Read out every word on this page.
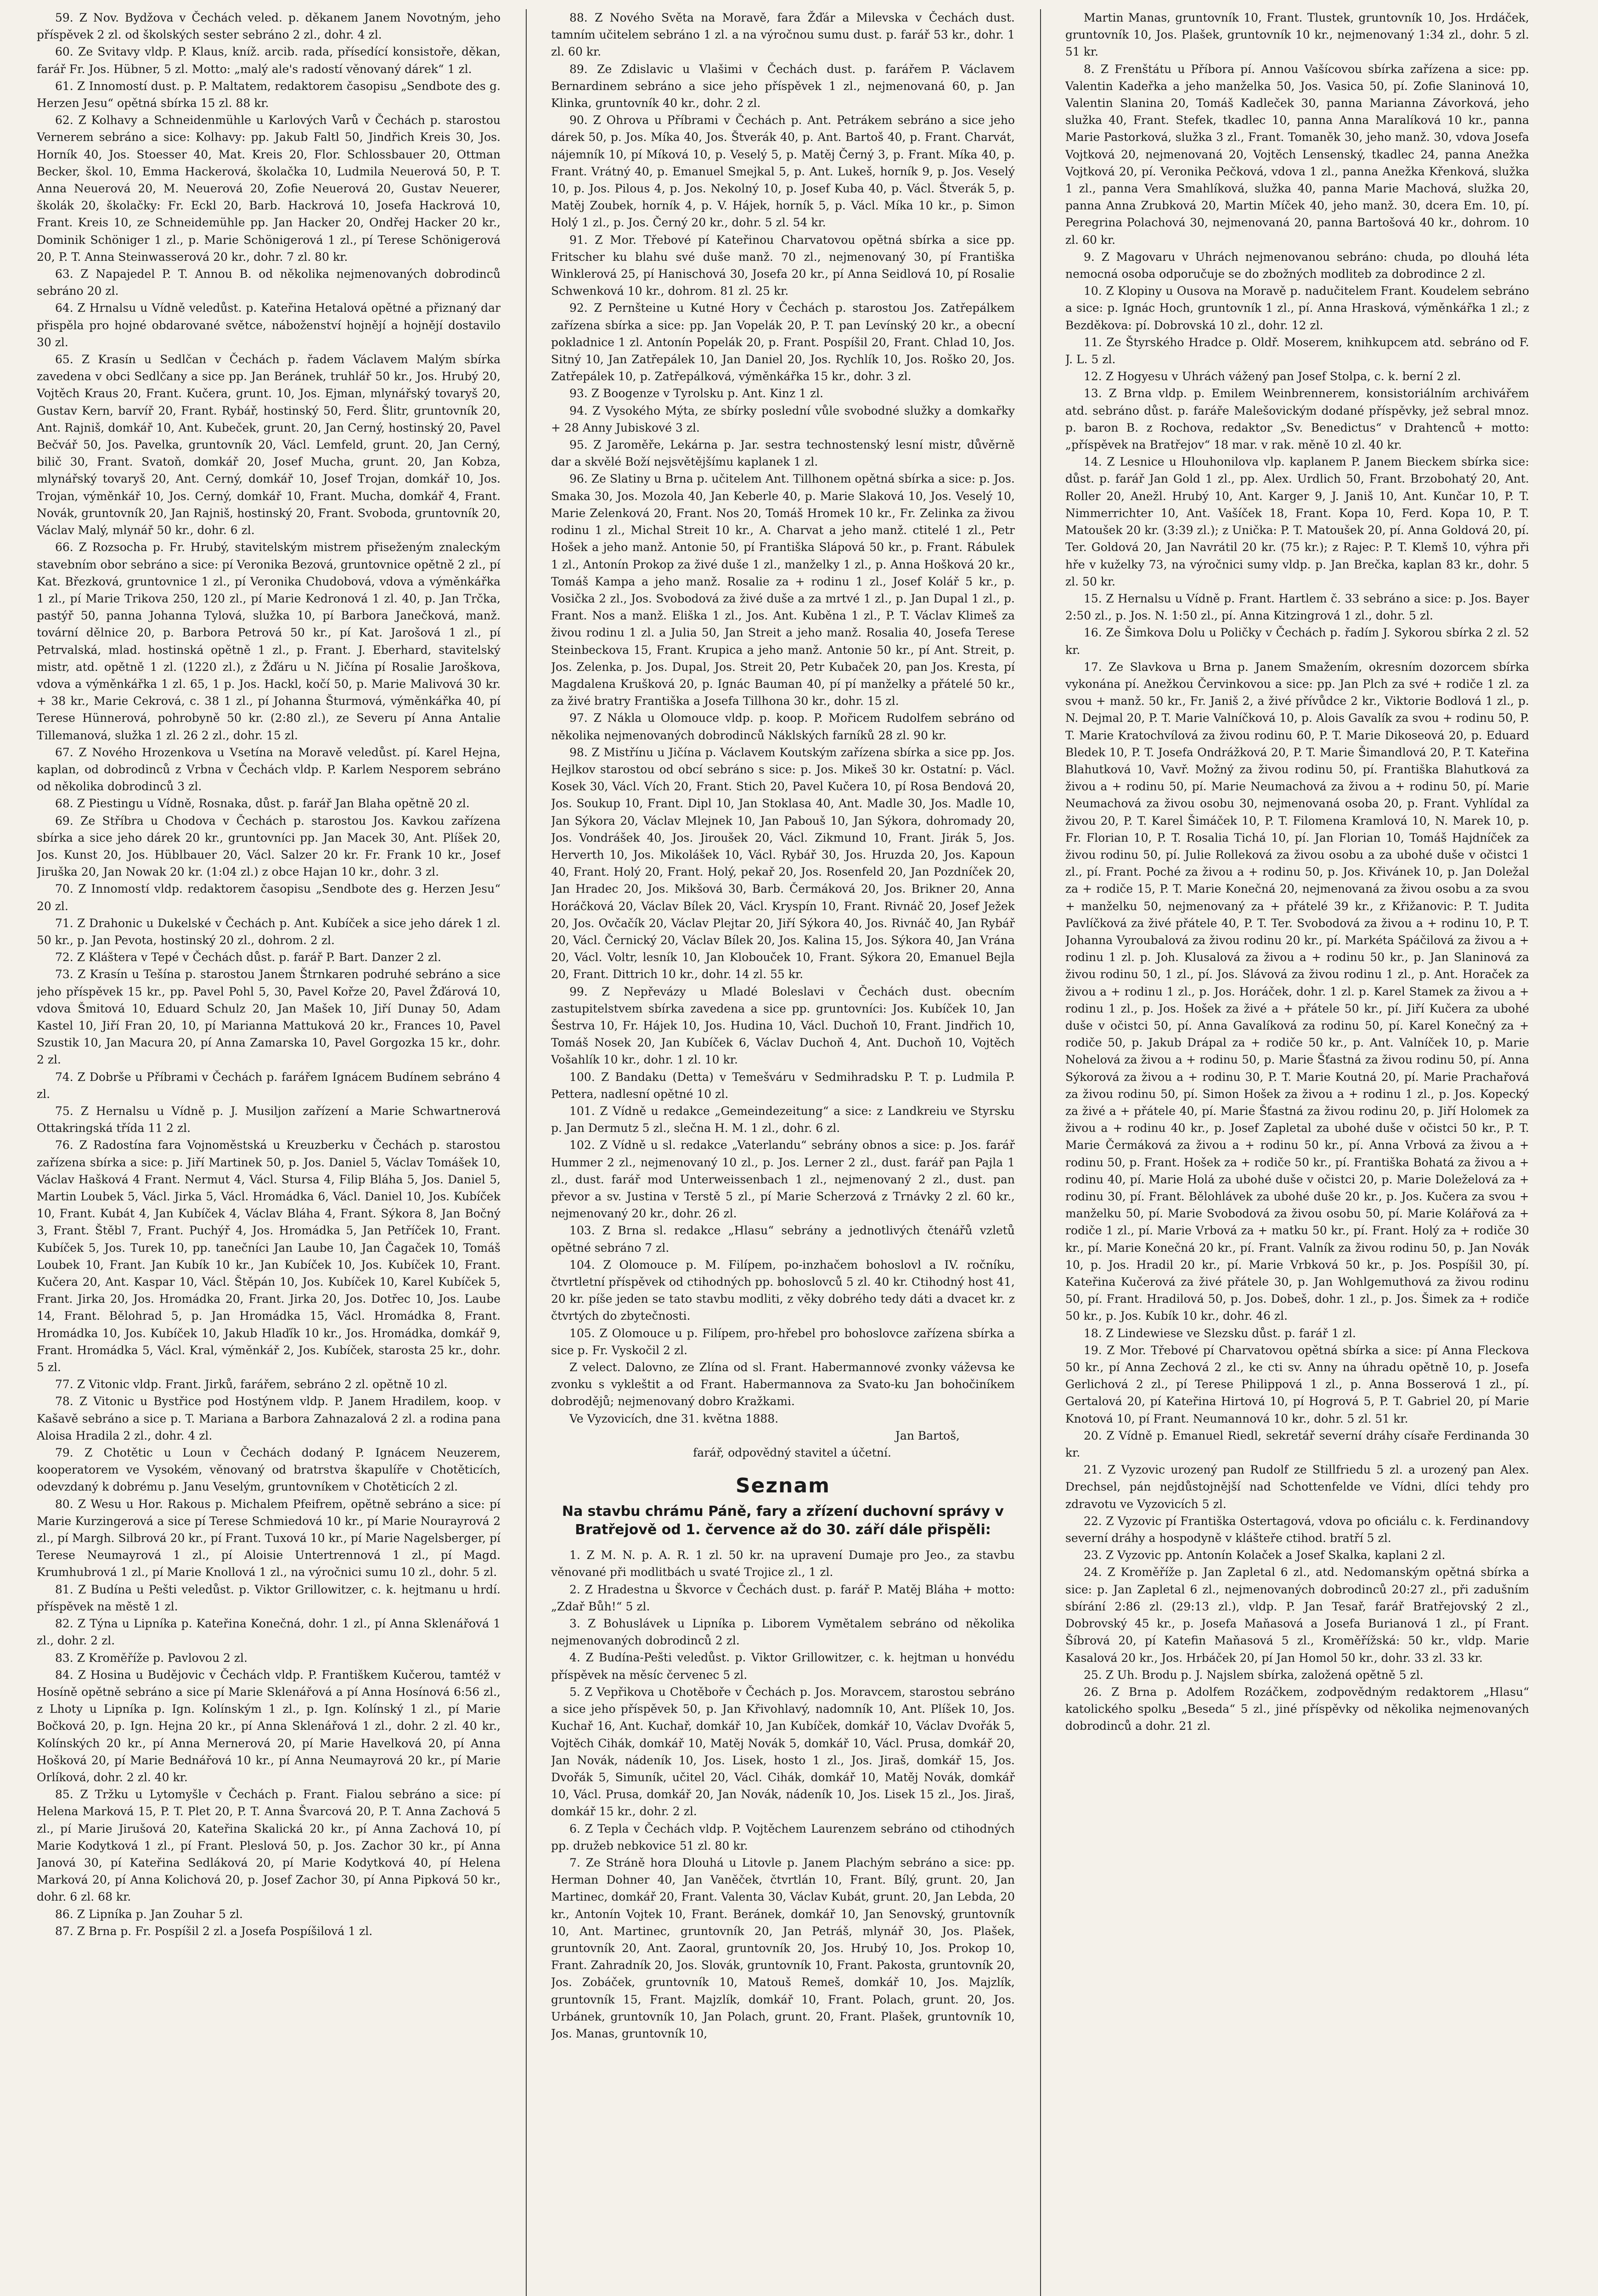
59. Z Nov. Bydžova v Čechách veled. p. děkanem Janem Novotným, jeho příspěvek 2 zl. od školských sester sebráno 2 zl., dohr. 4 zl.

60. Ze Svitavy vldp. P. Klaus, kníž. arcib. rada, přísedící konsistoře, děkan, farář Fr. Jos. Hübner, 5 zl. Motto: „malý ale's radostí věnovaný dárek“ 1 zl.

61. Z Innomostí dust. p. P. Maltatem, redaktorem časopisu „Sendbote des g. Herzen Jesu“ opětná sbírka 15 zl. 88 kr.

62. Z Kolhavy a Schneidenmühle u Karlových Varů v Čechách p. starostou Vernerem sebráno a sice: Kolhavy: pp. Jakub Faltl 50, Jindřich Kreis 30, Jos. Horník 40, Jos. Stoesser 40, Mat. Kreis 20, Flor. Schlossbauer 20, Ottman Becker, škol. 10, Emma Hackerová, školačka 10, Ludmila Neuerová 50, P. T. Anna Neuerová 20, M. Neuerová 20, Zofie Neuerová 20, Gustav Neuerer, školák 20, školačky: Fr. Eckl 20, Barb. Hackrová 10, Josefa Hackrová 10, Frant. Kreis 10, ze Schneidemühle pp. Jan Hacker 20, Ondřej Hacker 20 kr., Dominik Schöniger 1 zl., p. Marie Schönigerová 1 zl., pí Terese Schönigerová 20, P. T. Anna Steinwasserová 20 kr., dohr. 7 zl. 80 kr.

63. Z Napajedel P. T. Annou B. od několika nejmenovaných dobrodinců sebráno 20 zl.

64. Z Hrnalsu u Vídně veledůst. p. Kateřina Hetalová opětné a přiznaný dar přispěla pro hojné obdarované světce, náboženství hojnějí a hojnějí dostavilo 30 zl.

65. Z Krasín u Sedlčan v Čechách p. řadem Václavem Malým sbírka zavedena v obci Sedlčany a sice pp. Jan Beránek, truhlář 50 kr., Jos. Hrubý 20, Vojtěch Kraus 20, Frant. Kučera, grunt. 10, Jos. Ejman, mlynářský tovaryš 20, Gustav Kern, barvíř 20, Frant. Rybář, hostinský 50, Ferd. Šlitr, gruntovník 20, Ant. Rajniš, domkář 10, Ant. Kubeček, grunt. 20, Jan Cerný, hostinský 20, Pavel Bečvář 50, Jos. Pavelka, gruntovník 20, Václ. Lemfeld, grunt. 20, Jan Cerný, bilič 30, Frant. Svatoň, domkář 20, Josef Mucha, grunt. 20, Jan Kobza, mlynářský tovaryš 20, Ant. Cerný, domkář 10, Josef Trojan, domkář 10, Jos. Trojan, výměnkář 10, Jos. Cerný, domkář 10, Frant. Mucha, domkář 4, Frant. Novák, gruntovník 20, Jan Rajniš, hostinský 20, Frant. Svoboda, gruntovník 20, Václav Malý, mlynář 50 kr., dohr. 6 zl.

66. Z Rozsocha p. Fr. Hrubý, stavitelským mistrem přiseženým znaleckým stavebním obor sebráno a sice: pí Veronika Bezová, gruntovnice opětně 2 zl., pí Kat. Březková, gruntovnice 1 zl., pí Veronika Chudobová, vdova a výměnkářka 1 zl., pí Marie Trikova 250, 120 zl., pí Marie Kedronová 1 zl. 40, p. Jan Trčka, pastýř 50, panna Johanna Tylová, služka 10, pí Barbora Janečková, manž. tovární dělnice 20, p. Barbora Petrová 50 kr., pí Kat. Jarošová 1 zl., pí Petrvalská, mlad. hostinská opětně 1 zl., p. Frant. J. Eberhard, stavitelský mistr, atd. opětně 1 zl. (1220 zl.), z Žďáru u N. Jičína pí Rosalie Jaroškova, vdova a výměnkářka 1 zl. 65, 1 p. Jos. Hackl, kočí 50, p. Marie Malivová 30 kr. + 38 kr., Marie Cekrová, c. 38 1 zl., pí Johanna Šturmová, výměnkářka 40, pí Terese Hünnerová, pohrobyně 50 kr. (2:80 zl.), ze Severu pí Anna Antalie Tillemanová, služka 1 zl. 26 2 zl., dohr. 15 zl.

67. Z Nového Hrozenkova u Vsetína na Moravě veledůst. pí. Karel Hejna, kaplan, od dobrodinců z Vrbna v Čechách vldp. P. Karlem Nesporem sebráno od několika dobrodinců 3 zl.

68. Z Piestingu u Vídně, Rosnaka, důst. p. farář Jan Blaha opětně 20 zl.

69. Ze Stříbra u Chodova v Čechách p. starostou Jos. Kavkou zařízena sbírka a sice jeho dárek 20 kr., gruntovníci pp. Jan Macek 30, Ant. Plíšek 20, Jos. Kunst 20, Jos. Hüblbauer 20, Václ. Salzer 20 kr. Fr. Frank 10 kr., Josef Jiruška 20, Jan Nowak 20 kr. (1:04 zl.) z obce Hajan 10 kr., dohr. 3 zl.

70. Z Innomostí vldp. redaktorem časopisu „Sendbote des g. Herzen Jesu“ 20 zl.

71. Z Drahonic u Dukelské v Čechách p. Ant. Kubíček a sice jeho dárek 1 zl. 50 kr., p. Jan Pevota, hostinský 20 zl., dohrom. 2 zl.

72. Z Kláštera v Tepé v Čechách důst. p. farář P. Bart. Danzer 2 zl.

73. Z Krasín u Tešína p. starostou Janem Štrnkaren podruhé sebráno a sice jeho příspěvek 15 kr., pp. Pavel Pohl 5, 30, Pavel Kořze 20, Pavel Žďárová 10, vdova Šmitová 10, Eduard Schulz 20, Jan Mašek 10, Jiří Dunay 50, Adam Kastel 10, Jiří Fran 20, 10, pí Marianna Mattuková 20 kr., Frances 10, Pavel Szustik 10, Jan Macura 20, pí Anna Zamarska 10, Pavel Gorgozka 15 kr., dohr. 2 zl.

74. Z Dobrše u Příbrami v Čechách p. farářem Ignácem Budínem sebráno 4 zl.

75. Z Hernalsu u Vídně p. J. Musiljon zařízení a Marie Schwartnerová Ottakringská třída 11 2 zl.

76. Z Radostína fara Vojnoměstská u Kreuzberku v Čechách p. starostou zařízena sbírka a sice: p. Jiří Martinek 50, p. Jos. Daniel 5, Václav Tomášek 10, Václav Hašková 4 Frant. Nermut 4, Václ. Stursa 4, Filip Bláha 5, Jos. Daniel 5, Martin Loubek 5, Václ. Jirka 5, Václ. Hromádka 6, Václ. Daniel 10, Jos. Kubíček 10, Frant. Kubát 4, Jan Kubíček 4, Václav Bláha 4, Frant. Sýkora 8, Jan Bočný 3, Frant. Štěbl 7, Frant. Puchýř 4, Jos. Hromádka 5, Jan Petříček 10, Frant. Kubíček 5, Jos. Turek 10, pp. tanečníci Jan Laube 10, Jan Čagaček 10, Tomáš Loubek 10, Frant. Jan Kubík 10 kr., Jan Kubíček 10, Jos. Kubíček 10, Frant. Kučera 20, Ant. Kaspar 10, Václ. Štěpán 10, Jos. Kubíček 10, Karel Kubíček 5, Frant. Jirka 20, Jos. Hromádka 20, Frant. Jirka 20, Jos. Dotřec 10, Jos. Laube 14, Frant. Bělohrad 5, p. Jan Hromádka 15, Václ. Hromádka 8, Frant. Hromádka 10, Jos. Kubíček 10, Jakub Hlaďík 10 kr., Jos. Hromádka, domkář 9, Frant. Hromádka 5, Václ. Kral, výměnkář 2, Jos. Kubíček, starosta 25 kr., dohr. 5 zl.

77. Z Vitonic vldp. Frant. Jirků, farářem, sebráno 2 zl. opětně 10 zl.

78. Z Vitonic u Bystřice pod Hostýnem vldp. P. Janem Hradilem, koop. v Kašavě sebráno a sice p. T. Mariana a Barbora Zahnazalová 2 zl. a rodina pana Aloisa Hradila 2 zl., dohr. 4 zl.

79. Z Chotětic u Loun v Čechách dodaný P. Ignácem Neuzerem, kooperatorem ve Vysokém, věnovaný od bratrstva škapulíře v Chotěticích, odevzdaný k dobrému p. Janu Veselým, gruntovníkem v Chotěticích 2 zl.

80. Z Wesu u Hor. Rakous p. Michalem Pfeifrem, opětně sebráno a sice: pí Marie Kurzingerová a sice pí Terese Schmiedová 10 kr., pí Marie Nourayrová 2 zl., pí Margh. Silbrová 20 kr., pí Frant. Tuxová 10 kr., pí Marie Nagelsberger, pí Terese Neumayrová 1 zl., pí Aloisie Untertrennová 1 zl., pí Magd. Krumhubrová 1 zl., pí Marie Knollová 1 zl., na výročnici sumu 10 zl., dohr. 5 zl.

81. Z Budína u Pešti veledůst. p. Viktor Grillowitzer, c. k. hejtmanu u hrdí. příspěvek na městě 1 zl.

82. Z Týna u Lipníka p. Kateřina Konečná, dohr. 1 zl., pí Anna Sklenářová 1 zl., dohr. 2 zl.

83. Z Kroměříže p. Pavlovou 2 zl.

84. Z Hosina u Budějovic v Čechách vldp. P. Františkem Kučerou, tamtéž v Hosíně opětně sebráno a sice pí Marie Sklenářová a pí Anna Hosínová 6:56 zl., z Lhoty u Lipníka p. Ign. Kolínským 1 zl., p. Ign. Kolínský 1 zl., pí Marie Bočková 20, p. Ign. Hejna 20 kr., pí Anna Sklenářová 1 zl., dohr. 2 zl. 40 kr., Kolínských 20 kr., pí Anna Mernerová 20, pí Marie Havelková 20, pí Anna Hošková 20, pí Marie Bednářová 10 kr., pí Anna Neumayrová 20 kr., pí Marie Orlíková, dohr. 2 zl. 40 kr.

85. Z Tržku u Lytomyšle v Čechách p. Frant. Fialou sebráno a sice: pí Helena Marková 15, P. T. Plet 20, P. T. Anna Švarcová 20, P. T. Anna Zachová 5 zl., pí Marie Jirušová 20, Kateřina Skalická 20 kr., pí Anna Zachová 10, pí Marie Kodytková 1 zl., pí Frant. Pleslová 50, p. Jos. Zachor 30 kr., pí Anna Janová 30, pí Kateřina Sedláková 20, pí Marie Kodytková 40, pí Helena Marková 20, pí Anna Kolichová 20, p. Josef Zachor 30, pí Anna Pipková 50 kr., dohr. 6 zl. 68 kr.

86. Z Lipníka p. Jan Zouhar 5 zl.

87. Z Brna p. Fr. Pospíšil 2 zl. a Josefa Pospíšilová 1 zl.

88. Z Nového Světa na Moravě, fara Žďár a Milevska v Čechách dust. tamním učitelem sebráno 1 zl. a na výročnou sumu dust. p. farář 53 kr., dohr. 1 zl. 60 kr.

89. Ze Zdislavic u Vlašimi v Čechách dust. p. farářem P. Václavem Bernardinem sebráno a sice jeho příspěvek 1 zl., nejmenovaná 60, p. Jan Klinka, gruntovník 40 kr., dohr. 2 zl.

90. Z Ohrova u Příbrami v Čechách p. Ant. Petrákem sebráno a sice jeho dárek 50, p. Jos. Míka 40, Jos. Štverák 40, p. Ant. Bartoš 40, p. Frant. Charvát, nájemník 10, pí Míková 10, p. Veselý 5, p. Matěj Černý 3, p. Frant. Míka 40, p. Frant. Vrátný 40, p. Emanuel Smejkal 5, p. Ant. Lukeš, horník 9, p. Jos. Veselý 10, p. Jos. Pilous 4, p. Jos. Nekolný 10, p. Josef Kuba 40, p. Václ. Štverák 5, p. Matěj Zoubek, horník 4, p. V. Hájek, horník 5, p. Václ. Míka 10 kr., p. Simon Holý 1 zl., p. Jos. Černý 20 kr., dohr. 5 zl. 54 kr.

91. Z Mor. Třebové pí Kateřinou Charvatovou opětná sbírka a sice pp. Fritscher ku blahu své duše manž. 70 zl., nejmenovaný 30, pí Františka Winklerová 25, pí Hanischová 30, Josefa 20 kr., pí Anna Seidlová 10, pí Rosalie Schwenková 10 kr., dohrom. 81 zl. 25 kr.

92. Z Pernšteine u Kutné Hory v Čechách p. starostou Jos. Zatřepálkem zařízena sbírka a sice: pp. Jan Vopelák 20, P. T. pan Levínský 20 kr., a obecní pokladnice 1 zl. Antonín Popelák 20, p. Frant. Pospíšil 20, Frant. Chlad 10, Jos. Sitný 10, Jan Zatřepálek 10, Jan Daniel 20, Jos. Rychlík 10, Jos. Roško 20, Jos. Zatřepálek 10, p. Zatřepálková, výměnkářka 15 kr., dohr. 3 zl.

93. Z Boogenze v Tyrolsku p. Ant. Kinz 1 zl.

94. Z Vysokého Mýta, ze sbírky poslední vůle svobodné služky a domkařky + 28 Anny Jubiskové 3 zl.

95. Z Jaroměře, Lekárna p. Jar. sestra technostenský lesní mistr, důvěrně dar a skvělé Boží nejsvětějšímu kaplanek 1 zl.

96. Ze Slatiny u Brna p. učitelem Ant. Tillhonem opětná sbírka a sice: p. Jos. Smaka 30, Jos. Mozola 40, Jan Keberle 40, p. Marie Slaková 10, Jos. Veselý 10, Marie Zelenková 20, Frant. Nos 20, Tomáš Hromek 10 kr., Fr. Zelinka za živou rodinu 1 zl., Michal Streit 10 kr., A. Charvat a jeho manž. ctitelé 1 zl., Petr Hošek a jeho manž. Antonie 50, pí Františka Slápová 50 kr., p. Frant. Rábulek 1 zl., Antonín Prokop za živé duše 1 zl., manželky 1 zl., p. Anna Hošková 20 kr., Tomáš Kampa a jeho manž. Rosalie za + rodinu 1 zl., Josef Kolář 5 kr., p. Vosička 2 zl., Jos. Svobodová za živé duše a za mrtvé 1 zl., p. Jan Dupal 1 zl., p. Frant. Nos a manž. Eliška 1 zl., Jos. Ant. Kuběna 1 zl., P. T. Václav Klimeš za živou rodinu 1 zl. a Julia 50, Jan Streit a jeho manž. Rosalia 40, Josefa Terese Steinbeckova 15, Frant. Krupica a jeho manž. Antonie 50 kr., pí Ant. Streit, p. Jos. Zelenka, p. Jos. Dupal, Jos. Streit 20, Petr Kubaček 20, pan Jos. Kresta, pí Magdalena Krušková 20, p. Ignác Bauman 40, pí pí manželky a přátelé 50 kr., za živé bratry Františka a Josefa Tillhona 30 kr., dohr. 15 zl.

97. Z Nákla u Olomouce vldp. p. koop. P. Mořicem Rudolfem sebráno od několika nejmenovaných dobrodinců Náklských farníků 28 zl. 90 kr.

98. Z Mistřínu u Jičína p. Václavem Koutským zařízena sbírka a sice pp. Jos. Hejlkov starostou od obcí sebráno s sice: p. Jos. Mikeš 30 kr. Ostatní: p. Václ. Kosek 30, Václ. Vích 20, Frant. Stich 20, Pavel Kučera 10, pí Rosa Bendová 20, Jos. Soukup 10, Frant. Dipl 10, Jan Stoklasa 40, Ant. Madle 30, Jos. Madle 10, Jan Sýkora 20, Václav Mlejnek 10, Jan Pabouš 10, Jan Sýkora, dohromady 20, Jos. Vondrášek 40, Jos. Jiroušek 20, Václ. Zikmund 10, Frant. Jirák 5, Jos. Herverth 10, Jos. Mikolášek 10, Václ. Rybář 30, Jos. Hruzda 20, Jos. Kapoun 40, Frant. Holý 20, Frant. Holý, pekař 20, Jos. Rosenfeld 20, Jan Pozdníček 20, Jan Hradec 20, Jos. Mikšová 30, Barb. Čermáková 20, Jos. Brikner 20, Anna Horáčková 20, Václav Bílek 20, Václ. Kryspín 10, Frant. Rivnáč 20, Josef Ježek 20, Jos. Ovčačík 20, Václav Plejtar 20, Jiří Sýkora 40, Jos. Rivnáč 40, Jan Rybář 20, Václ. Černický 20, Václav Bílek 20, Jos. Kalina 15, Jos. Sýkora 40, Jan Vrána 20, Václ. Voltr, lesník 10, Jan Klobouček 10, Frant. Sýkora 20, Emanuel Bejla 20, Frant. Dittrich 10 kr., dohr. 14 zl. 55 kr.

99. Z Nepřevázy u Mladé Boleslavi v Čechách dust. obecním zastupitelstvem sbírka zavedena a sice pp. gruntovníci: Jos. Kubíček 10, Jan Šestrva 10, Fr. Hájek 10, Jos. Hudina 10, Václ. Duchoň 10, Frant. Jindřich 10, Tomáš Nosek 20, Jan Kubíček 6, Václav Duchoň 4, Ant. Duchoň 10, Vojtěch Vošahlík 10 kr., dohr. 1 zl. 10 kr.

100. Z Bandaku (Detta) v Temešváru v Sedmihradsku P. T. p. Ludmila P. Pettera, nadlesní opětné 10 zl.

101. Z Vídně u redakce „Gemeindezeitung“ a sice: z Landkreiu ve Styrsku p. Jan Dermutz 5 zl., slečna H. M. 1 zl., dohr. 6 zl.

102. Z Vídně u sl. redakce „Vaterlandu“ sebrány obnos a sice: p. Jos. farář Hummer 2 zl., nejmenovaný 10 zl., p. Jos. Lerner 2 zl., dust. farář pan Pajla 1 zl., dust. farář mod Unterweissenbach 1 zl., nejmenovaný 2 zl., dust. pan převor a sv. Justina v Terstě 5 zl., pí Marie Scherzová z Trnávky 2 zl. 60 kr., nejmenovaný 20 kr., dohr. 26 zl.

103. Z Brna sl. redakce „Hlasu“ sebrány a jednotlivých čtenářů vzletů opětné sebráno 7 zl.

104. Z Olomouce p. M. Filípem, po-inzhačem bohoslovl a IV. ročníku, čtvrtletní příspěvek od ctihodných pp. bohoslovců 5 zl. 40 kr. Ctihodný host 41, 20 kr. píše jeden se tato stavbu modliti, z věky dobrého tedy dáti a dvacet kr. z čtvrtých do zbytečnosti.

105. Z Olomouce u p. Filípem, pro-hřebel pro bohoslovce zařízena sbírka a sice p. Fr. Vyskočil 2 zl.

Z velect. Dalovno, ze Zlína od sl. Frant. Habermannové zvonky váževsa ke zvonku s vykleštit a od Frant. Habermannova za Svato-ku Jan bohočiníkem dobrodějů; nejmenovaný dobro Kražkami.

Ve Vyzovicích, dne 31. května 1888.

Jan Bartoš,

farář, odpovědný stavitel a účetní.

Seznam
Na stavbu chrámu Páně, fary a zřízení duchovní správy v Bratřejově od 1. července až do 30. září dále přispěli:

1. Z M. N. p. A. R. 1 zl. 50 kr. na upravení Dumaje pro Jeo., za stavbu věnované při modlitbách u svaté Trojice zl., 1 zl.

2. Z Hradestna u Škvorce v Čechách dust. p. farář P. Matěj Bláha + motto: „Zdař Bůh!“ 5 zl.

3. Z Bohuslávek u Lipníka p. Liborem Vymětalem sebráno od několika nejmenovaných dobrodinců 2 zl.

4. Z Budína-Pešti veledůst. p. Viktor Grillowitzer, c. k. hejtman u honvédu příspěvek na měsíc červenec 5 zl.

5. Z Vepřikova u Chotěboře v Čechách p. Jos. Moravcem, starostou sebráno a sice jeho příspěvek 50, p. Jan Křivohlavý, nadomník 10, Ant. Plíšek 10, Jos. Kuchař 16, Ant. Kuchař, domkář 10, Jan Kubíček, domkář 10, Václav Dvořák 5, Vojtěch Cihák, domkář 10, Matěj Novák 5, domkář 10, Václ. Prusa, domkář 20, Jan Novák, nádeník 10, Jos. Lisek, hosto 1 zl., Jos. Jiraš, domkář 15, Jos. Dvořák 5, Simuník, učitel 20, Václ. Cihák, domkář 10, Matěj Novák, domkář 10, Václ. Prusa, domkář 20, Jan Novák, nádeník 10, Jos. Lisek 15 zl., Jos. Jiraš, domkář 15 kr., dohr. 2 zl.

6. Z Tepla v Čechách vldp. P. Vojtěchem Laurenzem sebráno od ctihodných pp. družeb nebkovice 51 zl. 80 kr.

7. Ze Stráně hora Dlouhá u Litovle p. Janem Plachým sebráno a sice: pp. Herman Dohner 40, Jan Vaněček, čtvrtlán 10, Frant. Bílý, grunt. 20, Jan Martinec, domkář 20, Frant. Valenta 30, Václav Kubát, grunt. 20, Jan Lebda, 20 kr., Antonín Vojtek 10, Frant. Beránek, domkář 10, Jan Senovský, gruntovník 10, Ant. Martinec, gruntovník 20, Jan Petráš, mlynář 30, Jos. Plašek, gruntovník 20, Ant. Zaoral, gruntovník 20, Jos. Hrubý 10, Jos. Prokop 10, Frant. Zahradník 20, Jos. Slovák, gruntovník 10, Frant. Pakosta, gruntovník 20, Jos. Zobáček, gruntovník 10, Matouš Remeš, domkář 10, Jos. Majzlík, gruntovník 15, Frant. Majzlík, domkář 10, Frant. Polach, grunt. 20, Jos. Urbánek, gruntovník 10, Jan Polach, grunt. 20, Frant. Plašek, gruntovník 10, Jos. Manas, gruntovník 10,

Martin Manas, gruntovník 10, Frant. Tlustek, gruntovník 10, Jos. Hrdáček, gruntovník 10, Jos. Plašek, gruntovník 10 kr., nejmenovaný 1:34 zl., dohr. 5 zl. 51 kr.

8. Z Frenštátu u Příbora pí. Annou Vašícovou sbírka zařízena a sice: pp. Valentin Kadeřka a jeho manželka 50, Jos. Vasica 50, pí. Zofie Slaninová 10, Valentin Slanina 20, Tomáš Kadleček 30, panna Marianna Závorková, jeho služka 40, Frant. Stefek, tkadlec 10, panna Anna Maralíková 10 kr., panna Marie Pastorková, služka 3 zl., Frant. Tomaněk 30, jeho manž. 30, vdova Josefa Vojtková 20, nejmenovaná 20, Vojtěch Lensenský, tkadlec 24, panna Anežka Vojtková 20, pí. Veronika Pečková, vdova 1 zl., panna Anežka Křenková, služka 1 zl., panna Vera Smahlíková, služka 40, panna Marie Machová, služka 20, panna Anna Zrubková 20, Martin Míček 40, jeho manž. 30, dcera Em. 10, pí. Peregrina Polachová 30, nejmenovaná 20, panna Bartošová 40 kr., dohrom. 10 zl. 60 kr.

9. Z Magovaru v Uhrách nejmenovanou sebráno: chuda, po dlouhá léta nemocná osoba odporučuje se do zbožných modliteb za dobrodince 2 zl.

10. Z Klopiny u Ousova na Moravě p. nadučitelem Frant. Koudelem sebráno a sice: p. Ignác Hoch, gruntovník 1 zl., pí. Anna Hrasková, výměnkářka 1 zl.; z Bezděkova: pí. Dobrovská 10 zl., dohr. 12 zl.

11. Ze Štyrského Hradce p. Oldř. Moserem, knihkupcem atd. sebráno od F. J. L. 5 zl.

12. Z Hogyesu v Uhrách vážený pan Josef Stolpa, c. k. berní 2 zl.

13. Z Brna vldp. p. Emilem Weinbrennerem, konsistoriálním archivářem atd. sebráno důst. p. faráře Malešovickým dodané příspěvky, jež sebral mnoz. p. baron B. z Rochova, redaktor „Sv. Benedictus“ v Drahtenců + motto: „příspěvek na Bratřejov“ 18 mar. v rak. měně 10 zl. 40 kr.

14. Z Lesnice u Hlouhonilova vlp. kaplanem P. Janem Bieckem sbírka sice: důst. p. farář Jan Gold 1 zl., pp. Alex. Urdlich 50, Frant. Brzobohatý 20, Ant. Roller 20, Anežl. Hrubý 10, Ant. Karger 9, J. Janiš 10, Ant. Kunčar 10, P. T. Nimmerrichter 10, Ant. Vašíček 18, Frant. Kopa 10, Ferd. Kopa 10, P. T. Matoušek 20 kr. (3:39 zl.); z Unička: P. T. Matoušek 20, pí. Anna Goldová 20, pí. Ter. Goldová 20, Jan Navrátil 20 kr. (75 kr.); z Rajec: P. T. Klemš 10, výhra při hře v kuželky 73, na výročnici sumy vldp. p. Jan Brečka, kaplan 83 kr., dohr. 5 zl. 50 kr.

15. Z Hernalsu u Vídně p. Frant. Hartlem č. 33 sebráno a sice: p. Jos. Bayer 2:50 zl., p. Jos. N. 1:50 zl., pí. Anna Kitzingrová 1 zl., dohr. 5 zl.

16. Ze Šimkova Dolu u Poličky v Čechách p. řadím J. Sykorou sbírka 2 zl. 52 kr.

17. Ze Slavkova u Brna p. Janem Smažením, okresním dozorcem sbírka vykonána pí. Anežkou Červinkovou a sice: pp. Jan Plch za své + rodiče 1 zl. za svou + manž. 50 kr., Fr. Janiš 2, a živé přívůdce 2 kr., Viktorie Bodlová 1 zl., p. N. Dejmal 20, P. T. Marie Valníčková 10, p. Alois Gavalík za svou + rodinu 50, P. T. Marie Kratochvílová za živou rodinu 60, P. T. Marie Dikoseová 20, p. Eduard Bledek 10, P. T. Josefa Ondrážková 20, P. T. Marie Šimandlová 20, P. T. Kateřina Blahutková 10, Vavř. Možný za živou rodinu 50, pí. Františka Blahutková za živou a + rodinu 50, pí. Marie Neumachová za živou a + rodinu 50, pí. Marie Neumachová za živou osobu 30, nejmenovaná osoba 20, p. Frant. Vyhlídal za živou 20, P. T. Karel Šimáček 10, P. T. Filomena Kramlová 10, N. Marek 10, p. Fr. Florian 10, P. T. Rosalia Tichá 10, pí. Jan Florian 10, Tomáš Hajdníček za živou rodinu 50, pí. Julie Rolleková za živou osobu a za ubohé duše v očistci 1 zl., pí. Frant. Poché za živou a + rodinu 50, p. Jos. Křivánek 10, p. Jan Doležal za + rodiče 15, P. T. Marie Konečná 20, nejmenovaná za živou osobu a za svou + manželku 50, nejmenovaný za + přátelé 39 kr., z Křižanovic: P. T. Judita Pavlíčková za živé přátele 40, P. T. Ter. Svobodová za živou a + rodinu 10, P. T. Johanna Vyroubalová za živou rodinu 20 kr., pí. Markéta Spáčilová za živou a + rodinu 1 zl. p. Joh. Klusalová za živou a + rodinu 50 kr., p. Jan Slaninová za živou rodinu 50, 1 zl., pí. Jos. Slávová za živou rodinu 1 zl., p. Ant. Horaček za živou a + rodinu 1 zl., p. Jos. Horáček, dohr. 1 zl. p. Karel Stamek za živou a + rodinu 1 zl., p. Jos. Hošek za živé a + přátele 50 kr., pí. Jiří Kučera za ubohé duše v očistci 50, pí. Anna Gavalíková za rodinu 50, pí. Karel Konečný za + rodiče 50, p. Jakub Drápal za + rodiče 50 kr., p. Ant. Valníček 10, p. Marie Nohelová za živou a + rodinu 50, p. Marie Šťastná za živou rodinu 50, pí. Anna Sýkorová za živou a + rodinu 30, P. T. Marie Koutná 20, pí. Marie Prachařová za živou rodinu 50, pí. Simon Hošek za živou a + rodinu 1 zl., p. Jos. Kopecký za živé a + přátele 40, pí. Marie Šťastná za živou rodinu 20, p. Jiří Holomek za živou a + rodinu 40 kr., p. Josef Zapletal za ubohé duše v očistci 50 kr., P. T. Marie Čermáková za živou a + rodinu 50 kr., pí. Anna Vrbová za živou a + rodinu 50, p. Frant. Hošek za + rodiče 50 kr., pí. Františka Bohatá za živou a + rodinu 40, pí. Marie Holá za ubohé duše v očistci 20, p. Marie Doleželová za + rodinu 30, pí. Frant. Bělohlávek za ubohé duše 20 kr., p. Jos. Kučera za svou + manželku 50, pí. Marie Svobodová za živou osobu 50, pí. Marie Kolářová za + rodiče 1 zl., pí. Marie Vrbová za + matku 50 kr., pí. Frant. Holý za + rodiče 30 kr., pí. Marie Konečná 20 kr., pí. Frant. Valník za živou rodinu 50, p. Jan Novák 10, p. Jos. Hradil 20 kr., pí. Marie Vrbková 50 kr., p. Jos. Pospíšil 30, pí. Kateřina Kučerová za živé přátele 30, p. Jan Wohlgemuthová za živou rodinu 50, pí. Frant. Hradilová 50, p. Jos. Dobeš, dohr. 1 zl., p. Jos. Šimek za + rodiče 50 kr., p. Jos. Kubík 10 kr., dohr. 46 zl.

18. Z Lindewiese ve Slezsku důst. p. farář 1 zl.

19. Z Mor. Třebové pí Charvatovou opětná sbírka a sice: pí Anna Fleckova 50 kr., pí Anna Zechová 2 zl., ke cti sv. Anny na úhradu opětně 10, p. Josefa Gerlichová 2 zl., pí Terese Philippová 1 zl., p. Anna Bosserová 1 zl., pí. Gertalová 20, pí Kateřina Hirtová 10, pí Hogrová 5, P. T. Gabriel 20, pí Marie Knotová 10, pí Frant. Neumannová 10 kr., dohr. 5 zl. 51 kr.

20. Z Vídně p. Emanuel Riedl, sekretář severní dráhy císaře Ferdinanda 30 kr.

21. Z Vyzovic urozený pan Rudolf ze Stillfriedu 5 zl. a urozený pan Alex. Drechsel, pán nejdůstojnější nad Schottenfelde ve Vídni, dlíci tehdy pro zdravotu ve Vyzovicích 5 zl.

22. Z Vyzovic pí Františka Ostertagová, vdova po oficiálu c. k. Ferdinandovy severní dráhy a hospodyně v klášteře ctihod. bratří 5 zl.

23. Z Vyzovic pp. Antonín Kolaček a Josef Skalka, kaplani 2 zl.

24. Z Kroměříže p. Jan Zapletal 6 zl., atd. Nedomanským opětná sbírka a sice: p. Jan Zapletal 6 zl., nejmenovaných dobrodinců 20:27 zl., při zadušním sbírání 2:86 zl. (29:13 zl.), vldp. P. Jan Tesař, farář Bratřejovský 2 zl., Dobrovský 45 kr., p. Josefa Maňasová a Josefa Burianová 1 zl., pí Frant. Šíbrová 20, pí Katefin Maňasová 5 zl., Kroměřížská: 50 kr., vldp. Marie Kasalová 20 kr., Jos. Hrbáček 20, pí Jan Homol 50 kr., dohr. 33 zl. 33 kr.

25. Z Uh. Brodu p. J. Najslem sbírka, založená opětně 5 zl.

26. Z Brna p. Adolfem Rozáčkem, zodpovědným redaktorem „Hlasu“ katolického spolku „Beseda“ 5 zl., jiné příspěvky od několika nejmenovaných dobrodinců a dohr. 21 zl.
